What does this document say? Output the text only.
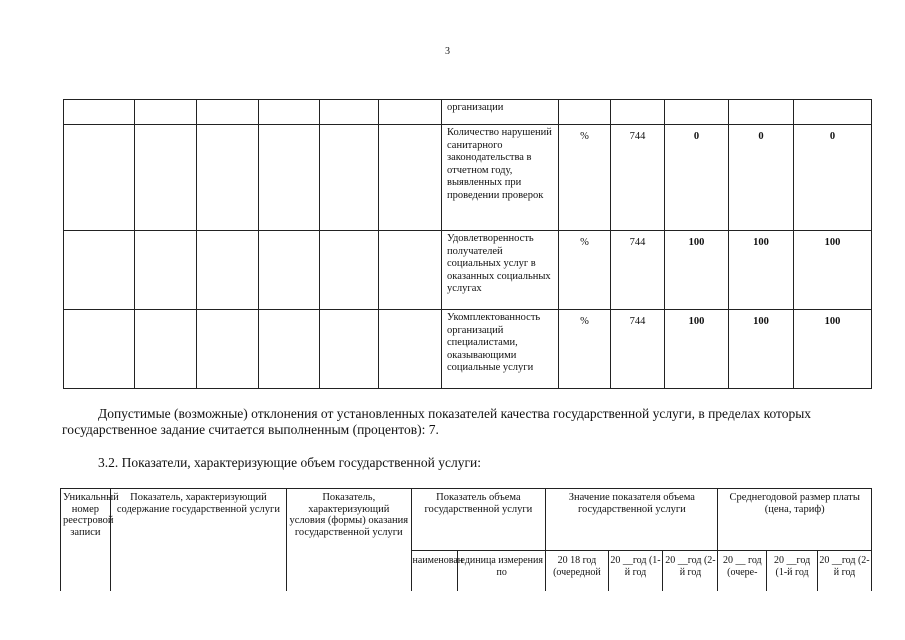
3
						организации					
						Количество нарушений санитарного законодательства в отчетном году, выявленных при проведении проверок	%	744	0	0	0
						Удовлетворенность получателей социальных услуг в оказанных социальных услугах	%	744	100	100	100
						Укомплектованность организаций специалистами, оказывающими социальные услуги	%	744	100	100	100
Допустимые (возможные) отклонения от установленных показателей качества государственной услуги, в пределах которых государственное задание считается выполненным (процентов): 7.
3.2. Показатели, характеризующие объем государственной услуги:
Уникальный номер реестровой записи	Показатель, характеризующий содержание государственной услуги	Показатель, характеризующий условия (формы) оказания государственной услуги	Показатель объема государственной услуги		Значение показателя объема государственной услуги			Среднегодовой размер платы (цена, тариф)		
			наименован	единица измерения по	20 18 год (очередной	20 __год (1-й год	20 __год (2-й год	20 __ год (очере-	20 __год (1-й год	20 __год (2-й год
